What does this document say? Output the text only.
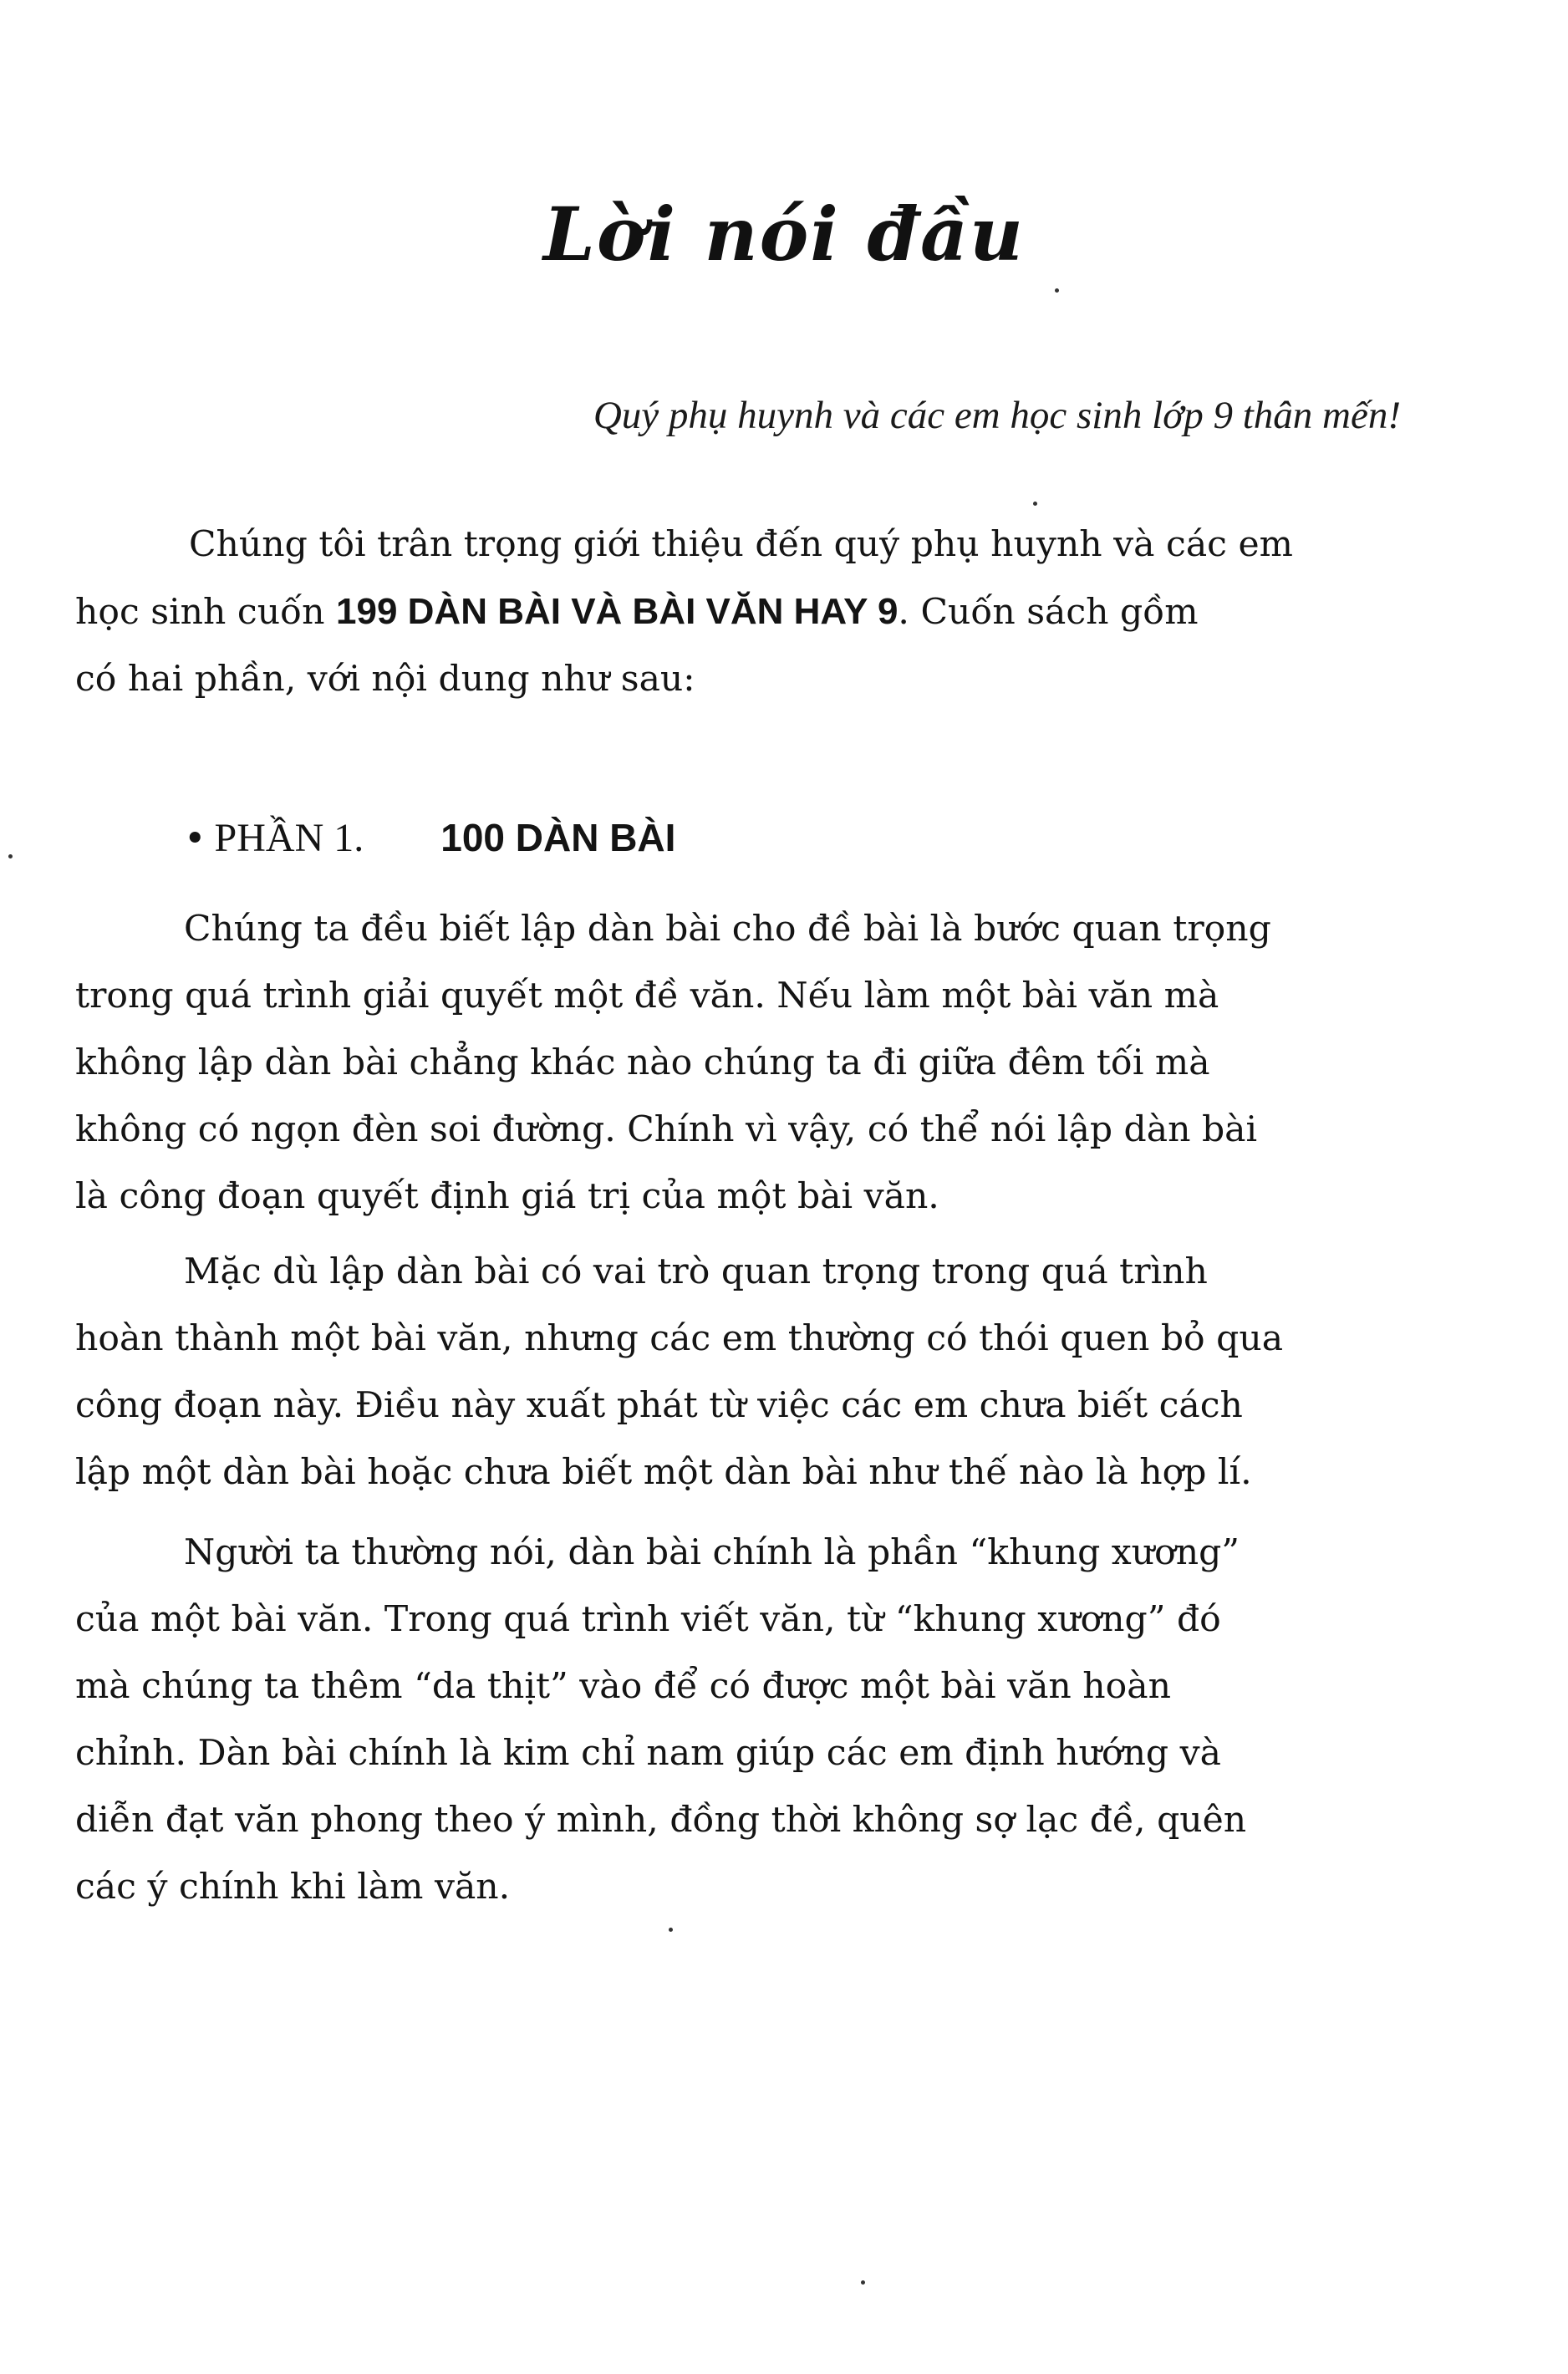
Lời nói đầu
Quý phụ huynh và các em học sinh lớp 9 thân mến!
Chúng tôi trân trọng giới thiệu đến quý phụ huynh và các em
học sinh cuốn 199 DÀN BÀI VÀ BÀI VĂN HAY 9. Cuốn sách gồm
có hai phần, với nội dung như sau:
• PHẦN 1. 100 DÀN BÀI
Chúng ta đều biết lập dàn bài cho đề bài là bước quan trọng
trong quá trình giải quyết một đề văn. Nếu làm một bài văn mà
không lập dàn bài chẳng khác nào chúng ta đi giữa đêm tối mà
không có ngọn đèn soi đường. Chính vì vậy, có thể nói lập dàn bài
là công đoạn quyết định giá trị của một bài văn.
Mặc dù lập dàn bài có vai trò quan trọng trong quá trình
hoàn thành một bài văn, nhưng các em thường có thói quen bỏ qua
công đoạn này. Điều này xuất phát từ việc các em chưa biết cách
lập một dàn bài hoặc chưa biết một dàn bài như thế nào là hợp lí.
Người ta thường nói, dàn bài chính là phần “khung xương”
của một bài văn. Trong quá trình viết văn, từ “khung xương” đó
mà chúng ta thêm “da thịt” vào để có được một bài văn hoàn
chỉnh. Dàn bài chính là kim chỉ nam giúp các em định hướng và
diễn đạt văn phong theo ý mình, đồng thời không sợ lạc đề, quên
các ý chính khi làm văn.
